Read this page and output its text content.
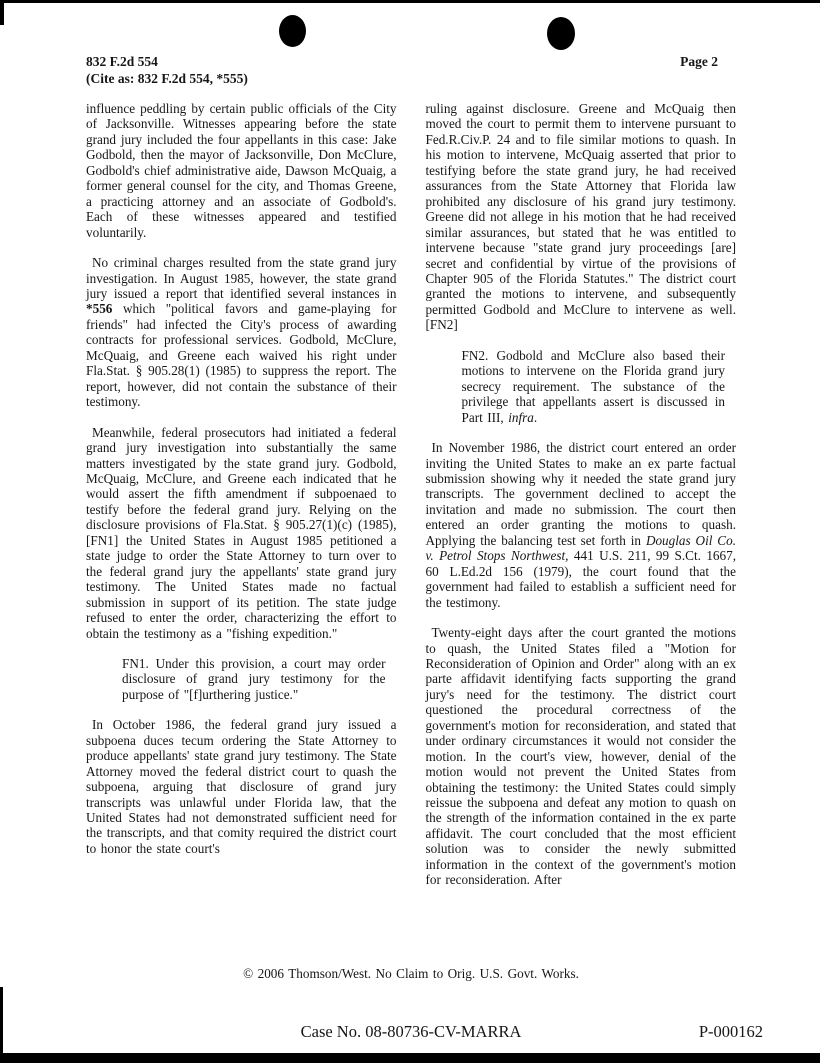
832 F.2d 554
(Cite as: 832 F.2d 554, *555)
Page 2
influence peddling by certain public officials of the City of Jacksonville. Witnesses appearing before the state grand jury included the four appellants in this case: Jake Godbold, then the mayor of Jacksonville, Don McClure, Godbold's chief administrative aide, Dawson McQuaig, a former general counsel for the city, and Thomas Greene, a practicing attorney and an associate of Godbold's. Each of these witnesses appeared and testified voluntarily.
No criminal charges resulted from the state grand jury investigation. In August 1985, however, the state grand jury issued a report that identified several instances in *556 which "political favors and game-playing for friends" had infected the City's process of awarding contracts for professional services. Godbold, McClure, McQuaig, and Greene each waived his right under Fla.Stat. § 905.28(1) (1985) to suppress the report. The report, however, did not contain the substance of their testimony.
Meanwhile, federal prosecutors had initiated a federal grand jury investigation into substantially the same matters investigated by the state grand jury. Godbold, McQuaig, McClure, and Greene each indicated that he would assert the fifth amendment if subpoenaed to testify before the federal grand jury. Relying on the disclosure provisions of Fla.Stat. § 905.27(1)(c) (1985), [FN1] the United States in August 1985 petitioned a state judge to order the State Attorney to turn over to the federal grand jury the appellants' state grand jury testimony. The United States made no factual submission in support of its petition. The state judge refused to enter the order, characterizing the effort to obtain the testimony as a "fishing expedition."
FN1. Under this provision, a court may order disclosure of grand jury testimony for the purpose of "[f]urthering justice."
In October 1986, the federal grand jury issued a subpoena duces tecum ordering the State Attorney to produce appellants' state grand jury testimony. The State Attorney moved the federal district court to quash the subpoena, arguing that disclosure of grand jury transcripts was unlawful under Florida law, that the United States had not demonstrated sufficient need for the transcripts, and that comity required the district court to honor the state court's
ruling against disclosure. Greene and McQuaig then moved the court to permit them to intervene pursuant to Fed.R.Civ.P. 24 and to file similar motions to quash. In his motion to intervene, McQuaig asserted that prior to testifying before the state grand jury, he had received assurances from the State Attorney that Florida law prohibited any disclosure of his grand jury testimony. Greene did not allege in his motion that he had received similar assurances, but stated that he was entitled to intervene because "state grand jury proceedings [are] secret and confidential by virtue of the provisions of Chapter 905 of the Florida Statutes." The district court granted the motions to intervene, and subsequently permitted Godbold and McClure to intervene as well. [FN2]
FN2. Godbold and McClure also based their motions to intervene on the Florida grand jury secrecy requirement. The substance of the privilege that appellants assert is discussed in Part III, infra.
In November 1986, the district court entered an order inviting the United States to make an ex parte factual submission showing why it needed the state grand jury transcripts. The government declined to accept the invitation and made no submission. The court then entered an order granting the motions to quash. Applying the balancing test set forth in Douglas Oil Co. v. Petrol Stops Northwest, 441 U.S. 211, 99 S.Ct. 1667, 60 L.Ed.2d 156 (1979), the court found that the government had failed to establish a sufficient need for the testimony.
Twenty-eight days after the court granted the motions to quash, the United States filed a "Motion for Reconsideration of Opinion and Order" along with an ex parte affidavit identifying facts supporting the grand jury's need for the testimony. The district court questioned the procedural correctness of the government's motion for reconsideration, and stated that under ordinary circumstances it would not consider the motion. In the court's view, however, denial of the motion would not prevent the United States from obtaining the testimony: the United States could simply reissue the subpoena and defeat any motion to quash on the strength of the information contained in the ex parte affidavit. The court concluded that the most efficient solution was to consider the newly submitted information in the context of the government's motion for reconsideration. After
© 2006 Thomson/West. No Claim to Orig. U.S. Govt. Works.
Case No. 08-80736-CV-MARRA	P-000162
